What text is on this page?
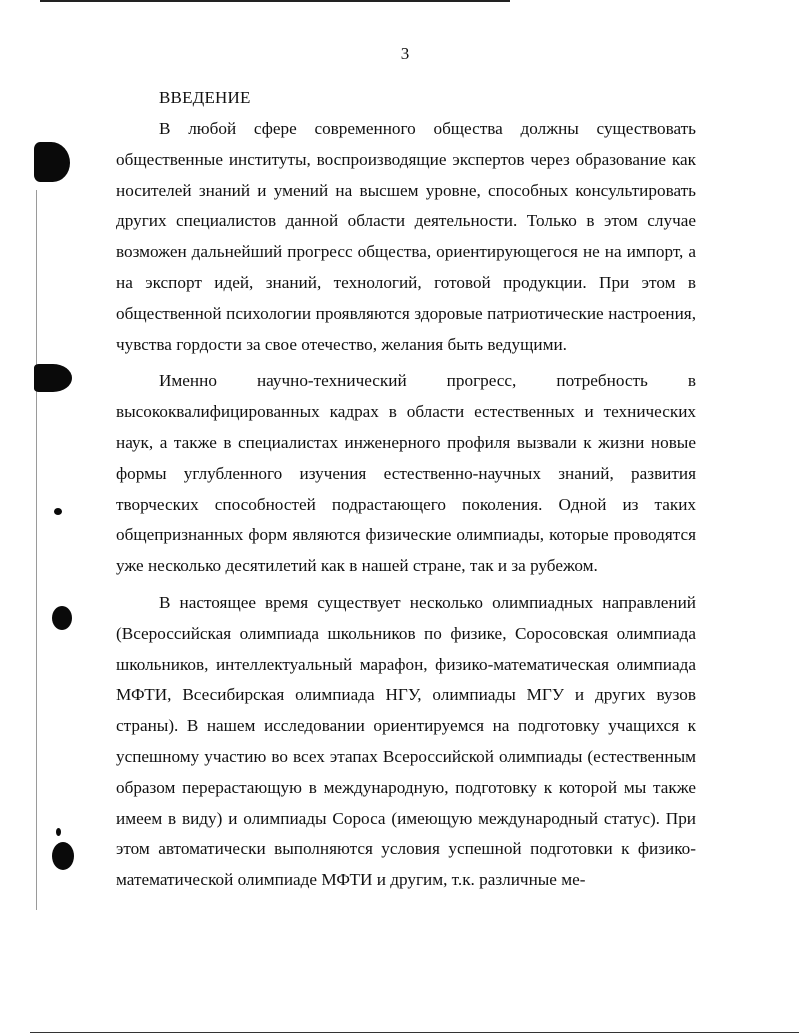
3
ВВЕДЕНИЕ

В любой сфере современного общества должны существовать общественные институты, воспроизводящие экспертов через образование как носителей знаний и умений на высшем уровне, способных консультировать других специалистов данной области деятельности. Только в этом случае возможен дальнейший прогресс общества, ориентирующегося не на импорт, а на экспорт идей, знаний, технологий, готовой продукции. При этом в общественной психологии проявляются здоровые патриотические настроения, чувства гордости за свое отечество, желания быть ведущими.

Именно научно-технический прогресс, потребность в высококвалифицированных кадрах в области естественных и технических наук, а также в специалистах инженерного профиля вызвали к жизни новые формы углубленного изучения естественно-научных знаний, развития творческих способностей подрастающего поколения. Одной из таких общепризнанных форм являются физические олимпиады, которые проводятся уже несколько десятилетий как в нашей стране, так и за рубежом.

В настоящее время существует несколько олимпиадных направлений (Всероссийская олимпиада школьников по физике, Соросовская олимпиада школьников, интеллектуальный марафон, физико-математическая олимпиада МФТИ, Всесибирская олимпиада НГУ, олимпиады МГУ и других вузов страны). В нашем исследовании ориентируемся на подготовку учащихся к успешному участию во всех этапах Всероссийской олимпиады (естественным образом перерастающую в международную, подготовку к которой мы также имеем в виду) и олимпиады Сороса (имеющую международный статус). При этом автоматически выполняются условия успешной подготовки к физико-математической олимпиаде МФТИ и другим, т.к. различные ме-
